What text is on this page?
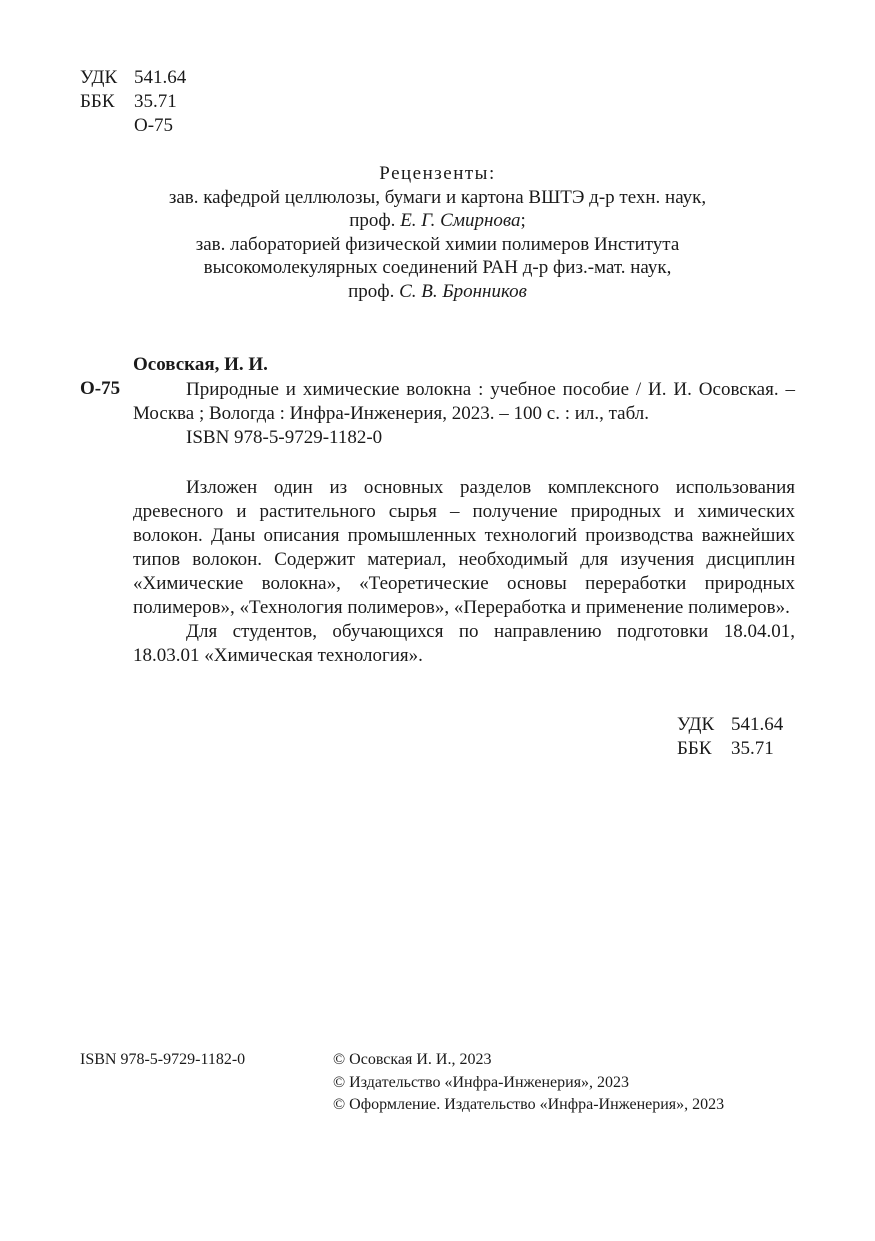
УДК 541.64
ББК	35.71
О-75
Рецензенты:
зав. кафедрой целлюлозы, бумаги и картона ВШТЭ д-р техн. наук,
проф. Е. Г. Смирнова;
зав. лабораторией физической химии полимеров Института
высокомолекулярных соединений РАН д-р физ.-мат. наук,
проф. С. В. Бронников
Осовская, И. И.
О-75	Природные и химические волокна : учебное пособие / И. И. Осовская. – Москва ; Вологда : Инфра-Инженерия, 2023. – 100 с. : ил., табл.

ISBN 978-5-9729-1182-0

Изложен один из основных разделов комплексного использования древесного и растительного сырья – получение природных и химических волокон. Даны описания промышленных технологий производства важнейших типов волокон. Содержит материал, необходимый для изучения дисциплин «Химические волокна», «Теоретические основы переработки природных полимеров», «Технология полимеров», «Переработка и применение полимеров».

Для студентов, обучающихся по направлению подготовки 18.04.01, 18.03.01 «Химическая технология».

УДК 541.64
ББК 35.71
ISBN 978-5-9729-1182-0	© Осовская И. И., 2023
© Издательство «Инфра-Инженерия», 2023
© Оформление. Издательство «Инфра-Инженерия», 2023
